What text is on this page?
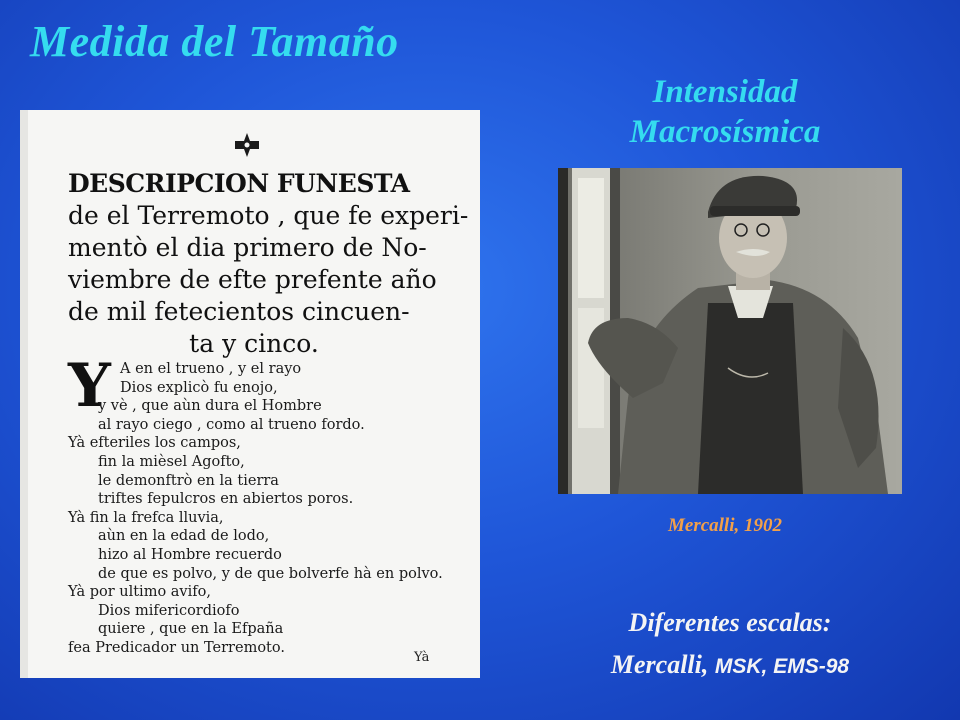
Medida del Tamaño
Intensidad
Macrosísmica
DESCRIPCION FUNESTA
de el Terremoto , que fe experi-
mentò el dia primero de No-
viembre de efte prefente año
de mil fetecientos cincuen-
ta y cinco.
Y A en el trueno , y el rayo
Dios explicò fu enojo,
y vè , que aùn dura el Hombre
al rayo ciego , como al trueno fordo.
Yà efteriles los campos,
fin la mièsel Agofto,
le demonftrò en la tierra
triftes fepulcros en abiertos poros.
Yà fin la frefca lluvia,
aùn en la edad de lodo,
hizo al Hombre recuerdo
de que es polvo, y de que bolverfe hà en polvo.
Yà por ultimo avifo,
Dios mifericordiofo
quiere , que en la Efpaña
fea Predicador un Terremoto.
Yà
Mercalli, 1902
Diferentes escalas:
Mercalli, MSK, EMS-98
